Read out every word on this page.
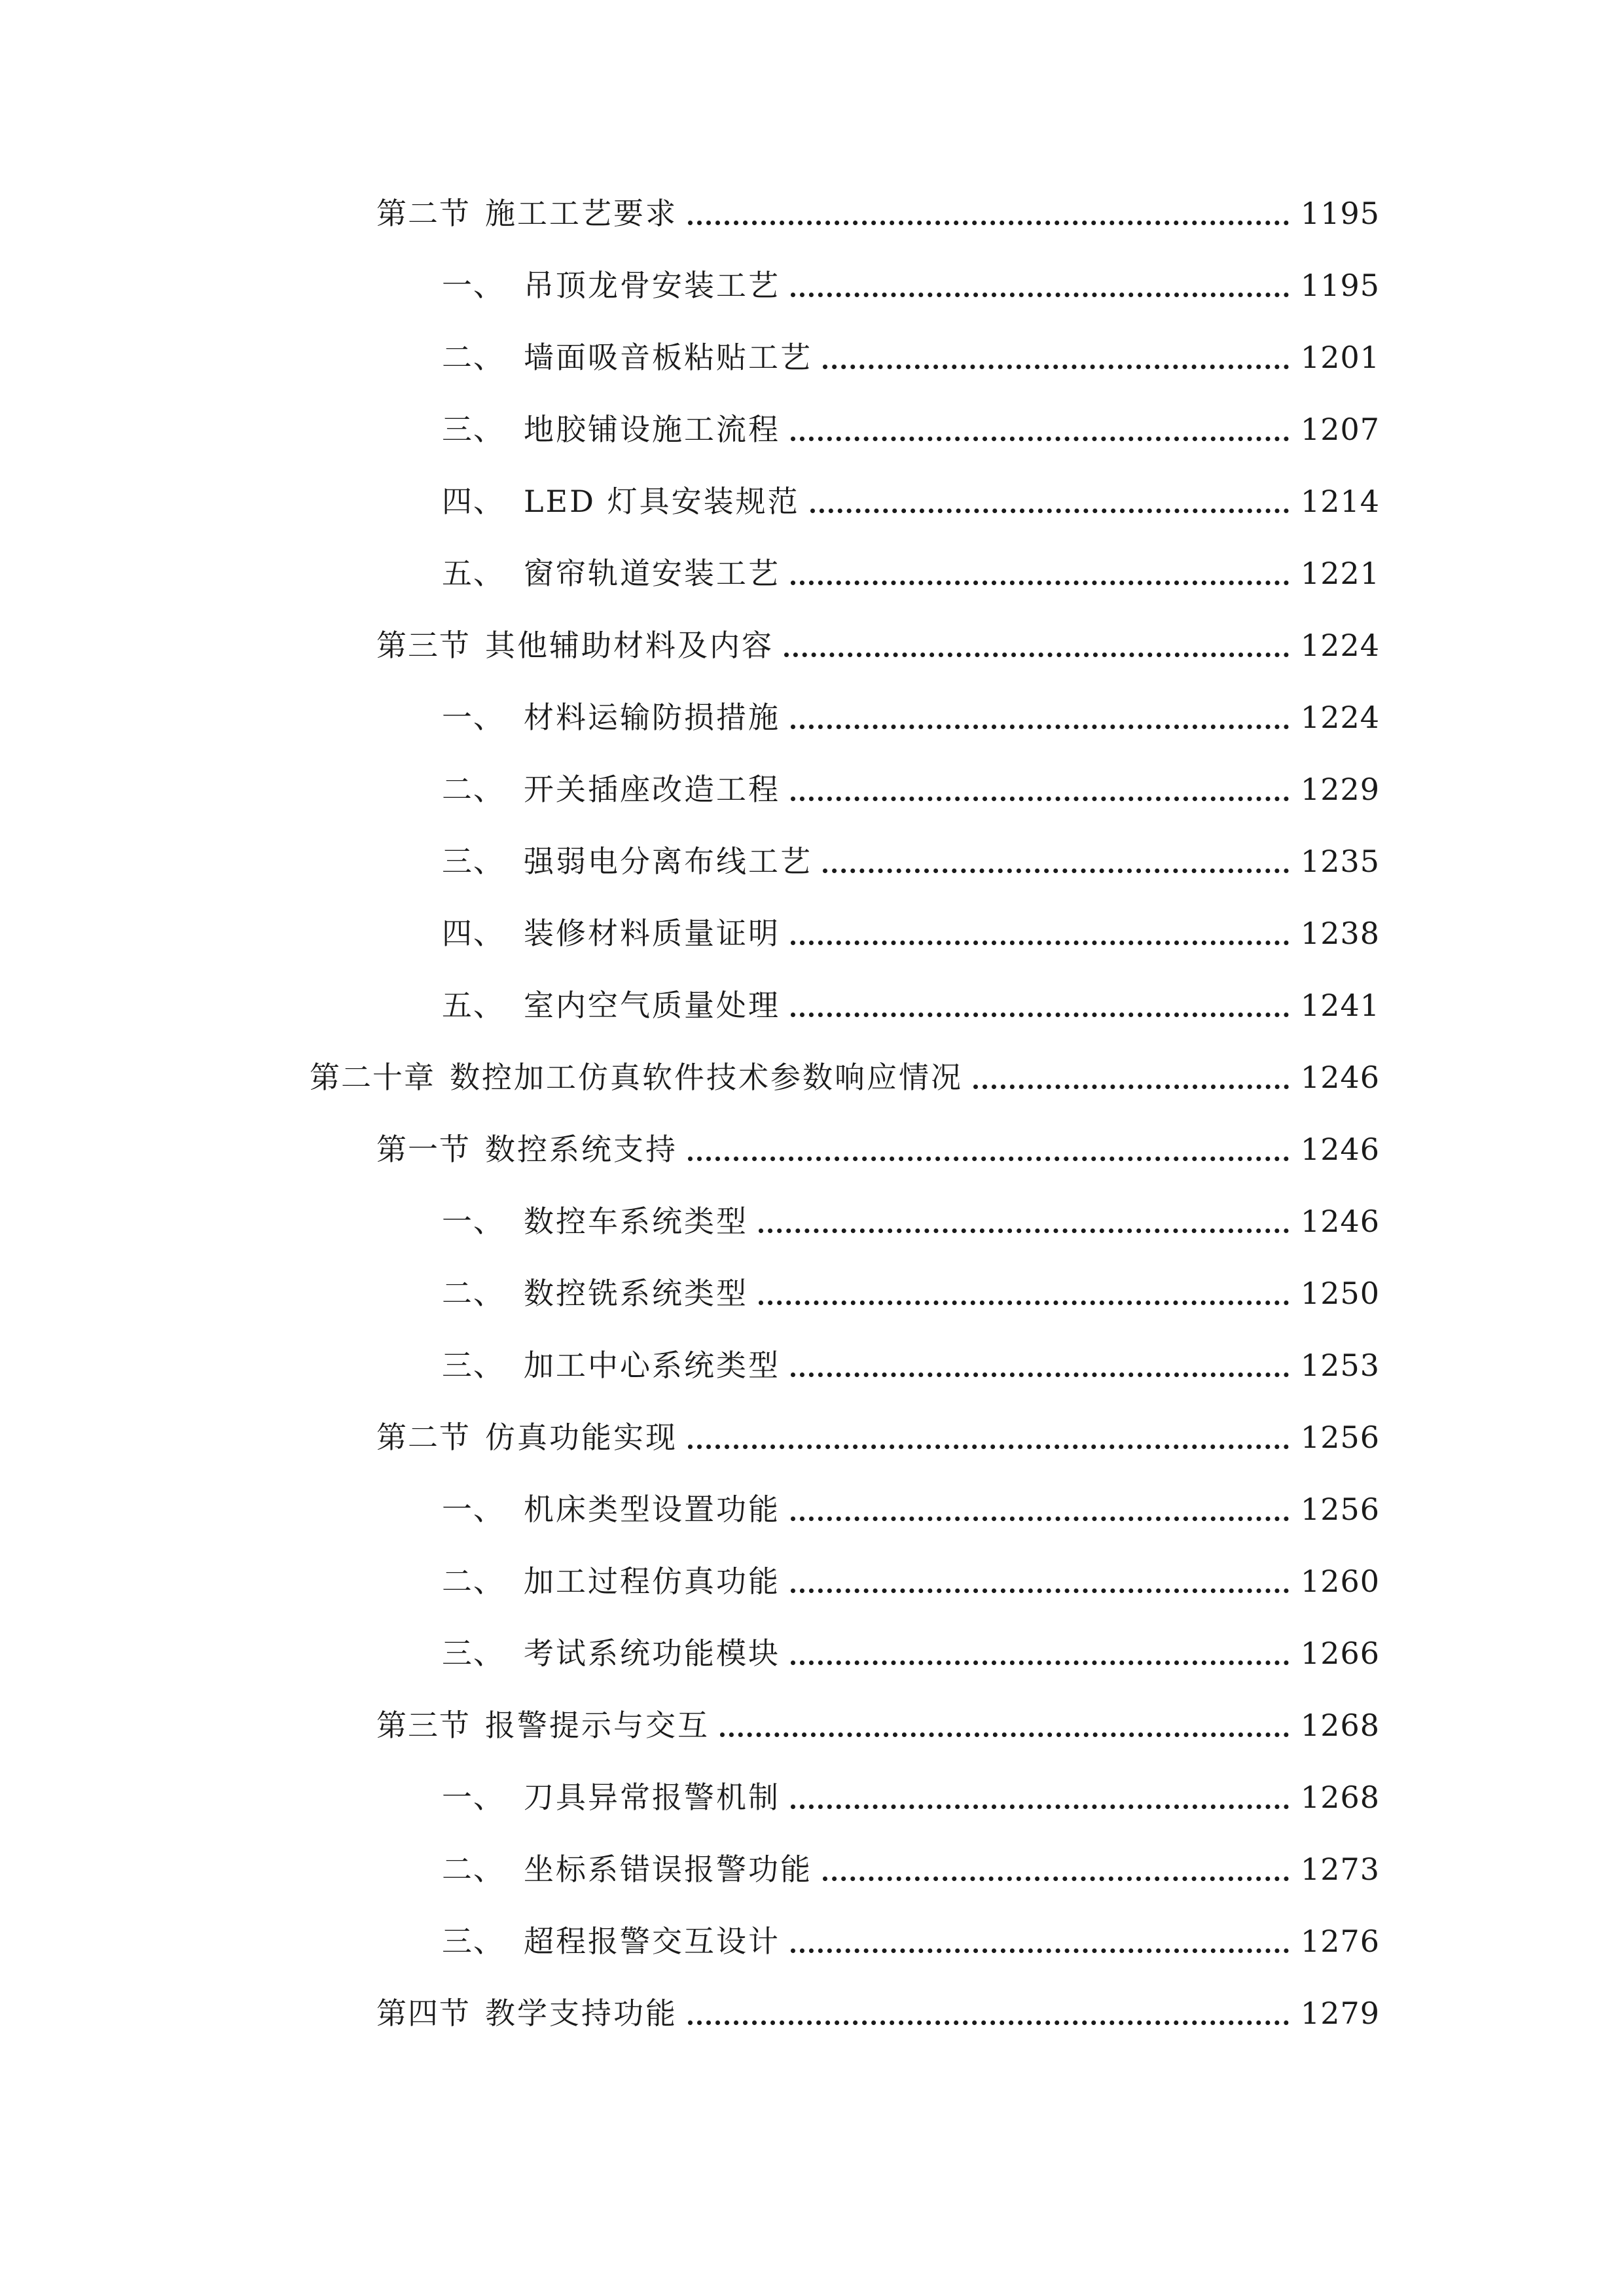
第二节 施工工艺要求	1195
一、 吊顶龙骨安装工艺	1195
二、 墙面吸音板粘贴工艺	1201
三、 地胶铺设施工流程	1207
四、 LED 灯具安装规范	1214
五、 窗帘轨道安装工艺	1221
第三节 其他辅助材料及内容	1224
一、 材料运输防损措施	1224
二、 开关插座改造工程	1229
三、 强弱电分离布线工艺	1235
四、 装修材料质量证明	1238
五、 室内空气质量处理	1241
第二十章 数控加工仿真软件技术参数响应情况	1246
第一节 数控系统支持	1246
一、 数控车系统类型	1246
二、 数控铣系统类型	1250
三、 加工中心系统类型	1253
第二节 仿真功能实现	1256
一、 机床类型设置功能	1256
二、 加工过程仿真功能	1260
三、 考试系统功能模块	1266
第三节 报警提示与交互	1268
一、 刀具异常报警机制	1268
二、 坐标系错误报警功能	1273
三、 超程报警交互设计	1276
第四节 教学支持功能	1279
